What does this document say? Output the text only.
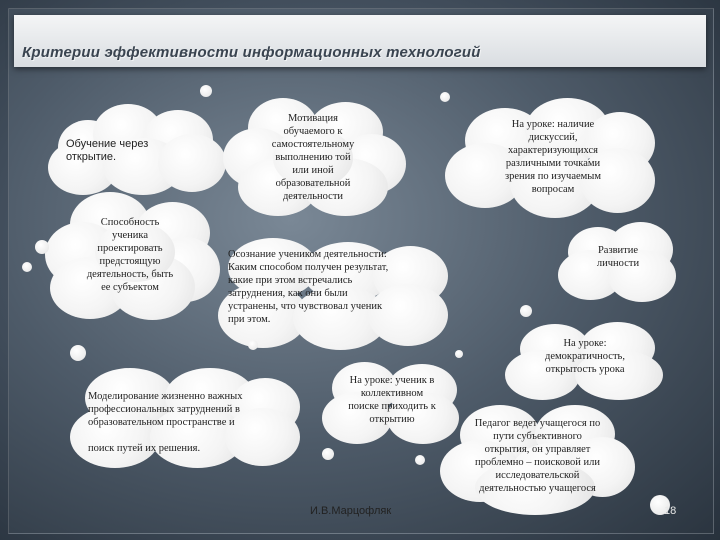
Критерии эффективности информационных технологий
Обучение через
открытие.
Мотивация
обучаемого к
самостоятельному
выполнению той
или иной
образовательной
деятельности
На уроке: наличие
дискуссий,
характеризующихся
различными точками
зрения по изучаемым
вопросам
Способность
ученика
проектировать
предстоящую
деятельность, быть
ее субъектом
Осознание учеником деятельности:
Каким способом получен результат,
какие при этом встречались
затруднения, как они были
устранены, что чувствовал ученик
при этом.
Развитие
личности
На уроке:
демократичность,
открытость урока
Моделирование жизненно важных
профессиональных затруднений в
образовательном пространстве и

поиск путей их решения.
На уроке: ученик в
коллективном
поиске приходить к
открытию	Педагог ведет учащегося по
пути субъективного
открытия, он управляет
проблемно – поисковой или
исследовательской
деятельностью учащегося
И.В.Марцофляк	18
